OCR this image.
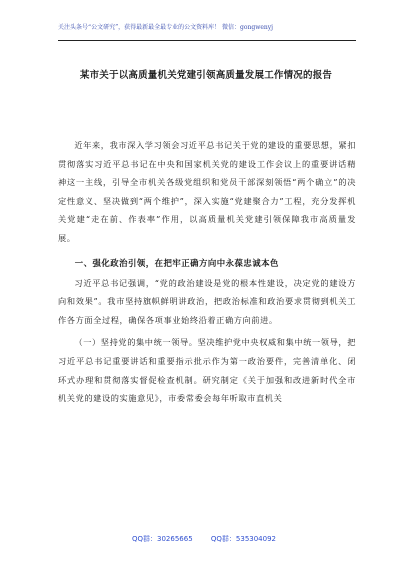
关注头条号“公文研究”，获得最新最全最专业的公文资料库！ 微信：gongwenyj
某市关于以高质量机关党建引领高质量发展工作情况的报告

近年来，我市深入学习领会习近平总书记关于党的建设的重要思想，紧扣贯彻落实习近平总书记在中央和国家机关党的建设工作会议上的重要讲话精神这一主线，引导全市机关各级党组织和党员干部深刻领悟“两个确立”的决定性意义、坚决做到“两个维护”，深入实施“党建聚合力”工程，充分发挥机关党建“走在前、作表率”作用，以高质量机关党建引领保障我市高质量发展。

一、强化政治引领，在把牢正确方向中永葆忠诚本色

习近平总书记强调，“党的政治建设是党的根本性建设，决定党的建设方向和效果”。我市坚持旗帜鲜明讲政治，把政治标准和政治要求贯彻到机关工作各方面全过程，确保各项事业始终沿着正确方向前进。

（一）坚持党的集中统一领导。坚决维护党中央权威和集中统一领导，把习近平总书记重要讲话和重要指示批示作为第一政治要件，完善清单化、闭环式办理和贯彻落实督促检查机制。研究制定《关于加强和改进新时代全市机关党的建设的实施意见》，市委常委会每年听取市直机关

QQ群：30265665	QQ群：535304092
